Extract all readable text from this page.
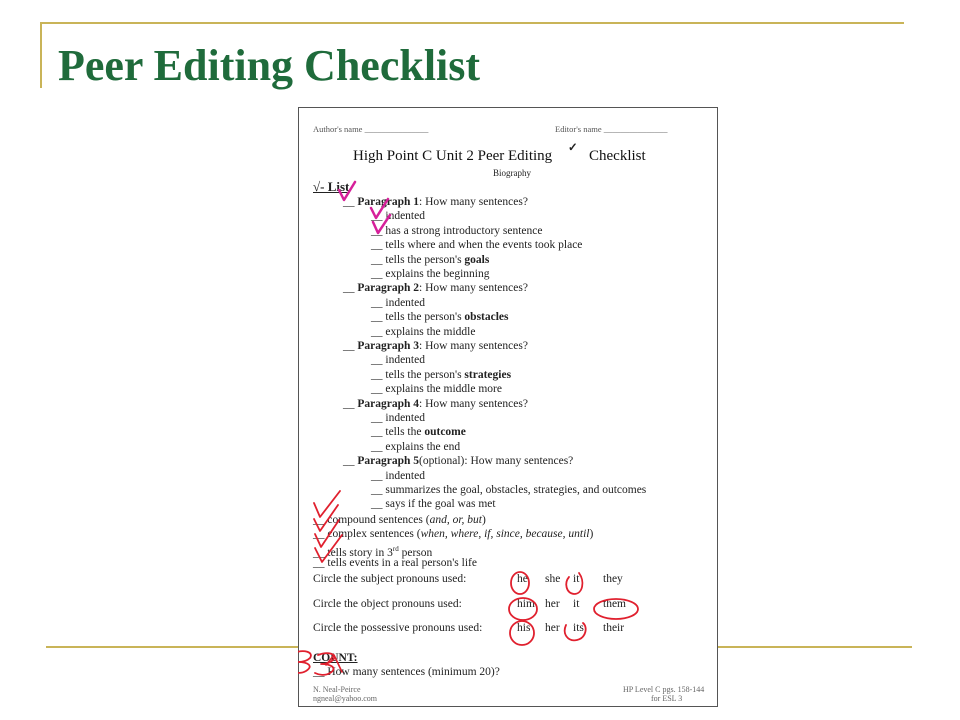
Peer Editing Checklist
Author's name _______________	Editor's name _______________
High Point C Unit 2 Peer Editing ✓ Checklist
Biography
√- List
__ Paragraph 1: How many sentences?
__ indented
__ has a strong introductory sentence
__ tells where and when the events took place
__ tells the person's goals
__ explains the beginning
__ Paragraph 2: How many sentences?
__ indented
__ tells the person's obstacles
__ explains the middle
__ Paragraph 3: How many sentences?
__ indented
__ tells the person's strategies
__ explains the middle more
__ Paragraph 4: How many sentences?
__ indented
__ tells the outcome
__ explains the end
__ Paragraph 5(optional): How many sentences?
__ indented
__ summarizes the goal, obstacles, strategies, and outcomes
__ says if the goal was met
__ compound sentences (and, or, but)
__ complex sentences (when, where, if, since, because, until)
__ tells story in 3rd person
__ tells events in a real person's life
Circle the subject pronouns used:	he she it they
Circle the object pronouns used:	him her it them
Circle the possessive pronouns used:	his her its their
COUNT:
__ How many sentences (minimum 20)?
N. Neal-Peirce
ngneal@yahoo.com
HP Level C pgs. 158-144
for ESL 3
